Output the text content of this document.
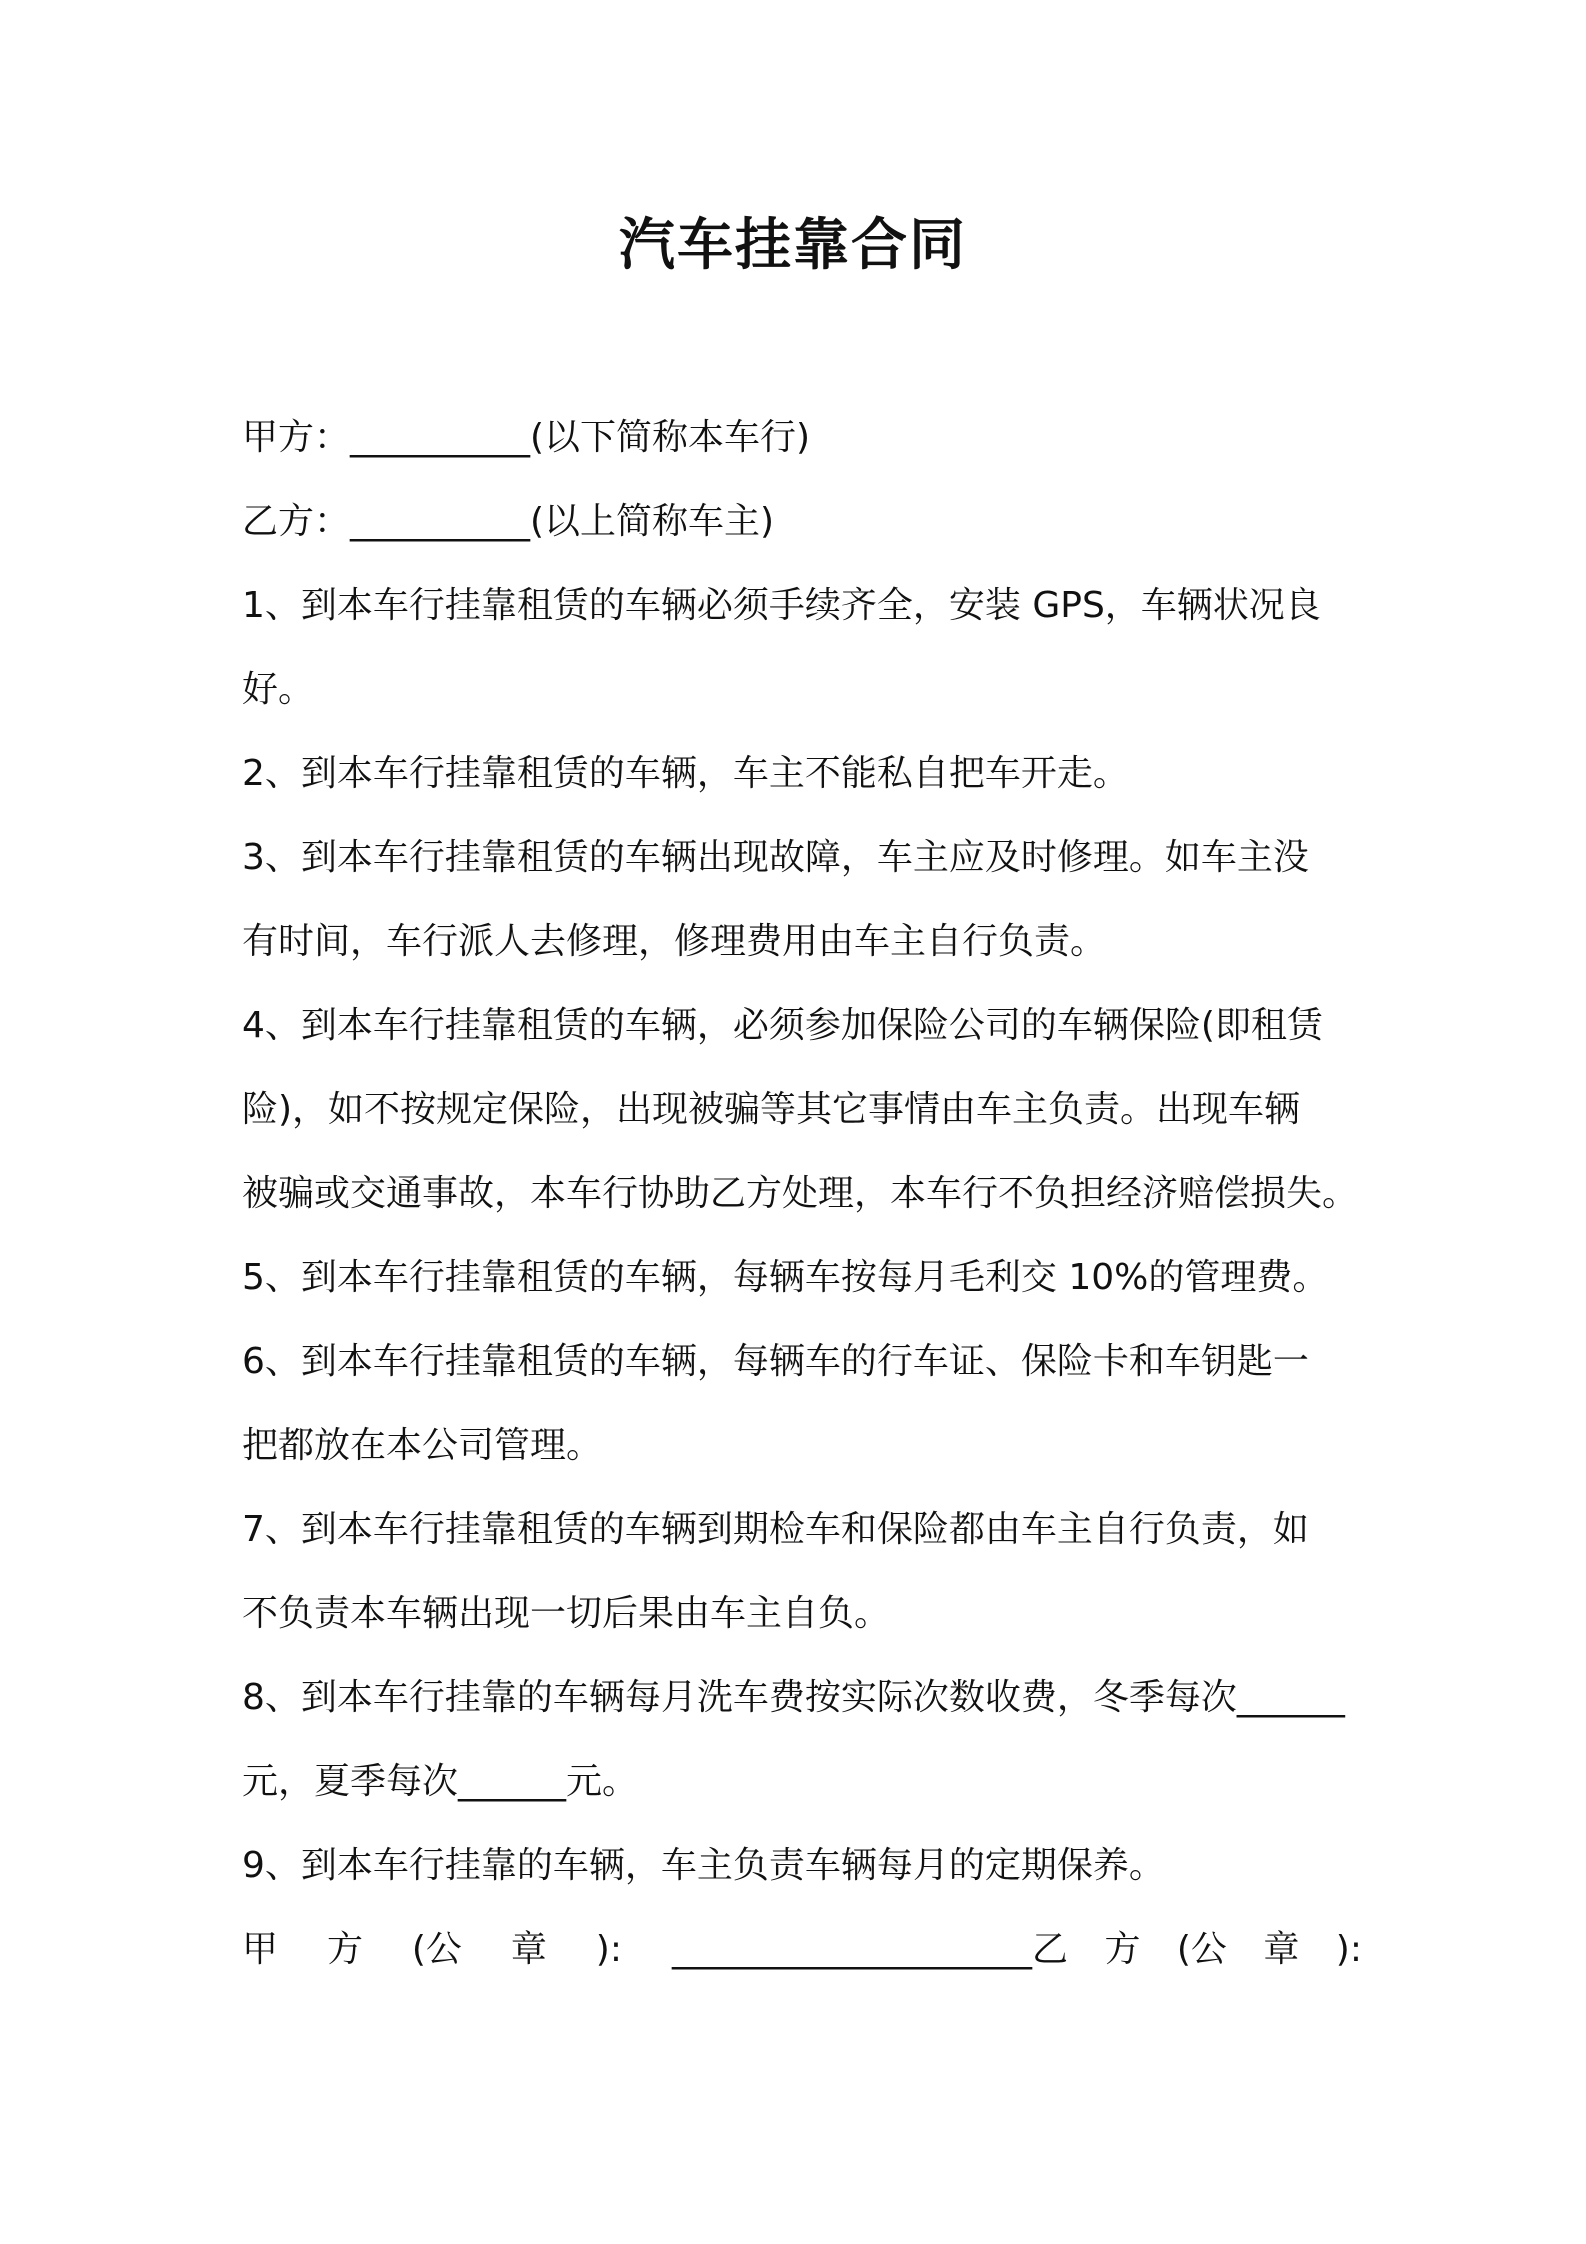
汽车挂靠合同
甲方：__________(以下简称本车行)
乙方：__________(以上简称车主)
1、到本车行挂靠租赁的车辆必须手续齐全，安装 GPS，车辆状况良
好。
2、到本车行挂靠租赁的车辆，车主不能私自把车开走。
3、到本车行挂靠租赁的车辆出现故障，车主应及时修理。如车主没
有时间，车行派人去修理，修理费用由车主自行负责。
4、到本车行挂靠租赁的车辆，必须参加保险公司的车辆保险(即租赁
险)，如不按规定保险，出现被骗等其它事情由车主负责。出现车辆
被骗或交通事故，本车行协助乙方处理，本车行不负担经济赔偿损失。
5、到本车行挂靠租赁的车辆，每辆车按每月毛利交 10%的管理费。
6、到本车行挂靠租赁的车辆，每辆车的行车证、保险卡和车钥匙一
把都放在本公司管理。
7、到本车行挂靠租赁的车辆到期检车和保险都由车主自行负责，如
不负责本车辆出现一切后果由车主自负。
8、到本车行挂靠的车辆每月洗车费按实际次数收费，冬季每次______
元，夏季每次______元。
9、到本车行挂靠的车辆，车主负责车辆每月的定期保养。
甲 方 (公 章 ): ____________________ 乙 方 (公 章 ):
